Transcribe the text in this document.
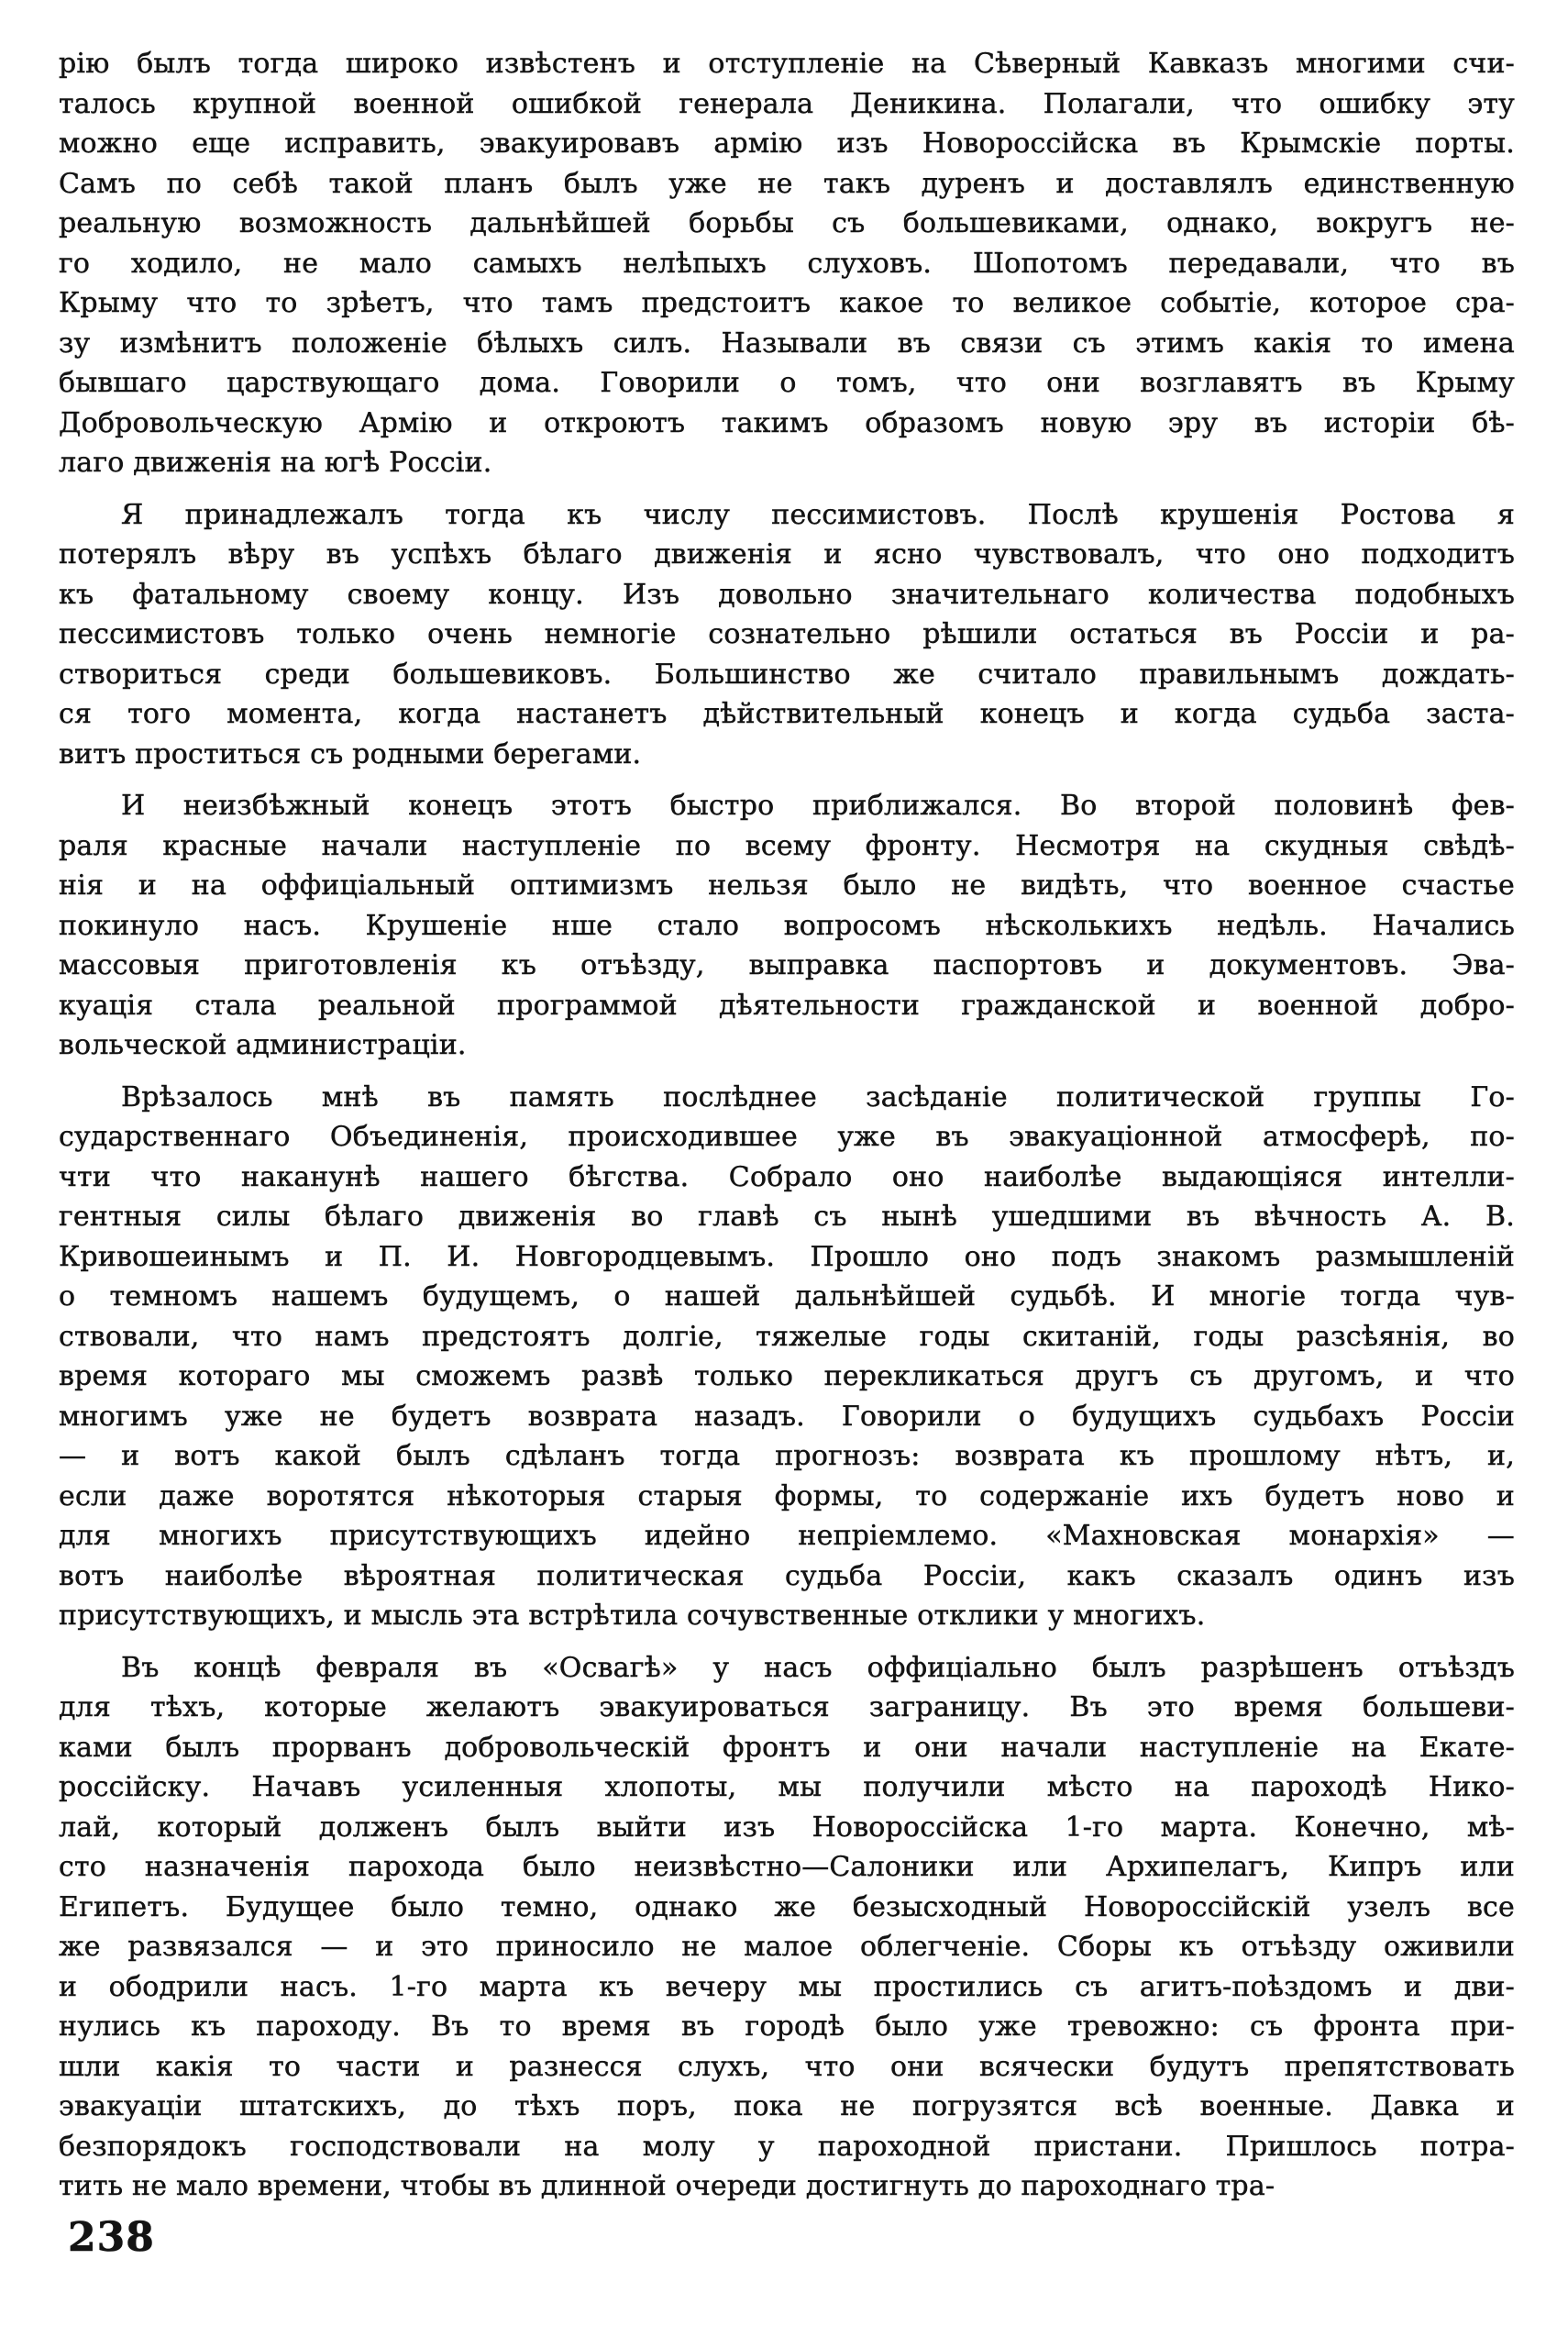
рію былъ тогда широко извѣстенъ и отступленіе на Сѣверный Кавказъ многими счи-
талось крупной военной ошибкой генерала Деникина. Полагали, что ошибку эту
можно еще исправить, эвакуировавъ армію изъ Новороссійска въ Крымскіе порты.
Самъ по себѣ такой планъ былъ уже не такъ дуренъ и доставлялъ единственную
реальную возможность дальнѣйшей борьбы съ большевиками, однако, вокругъ не-
го ходило, не мало самыхъ нелѣпыхъ слуховъ. Шопотомъ передавали, что въ
Крыму что то зрѣетъ, что тамъ предстоитъ какое то великое событіе, которое сра-
зу измѣнитъ положеніе бѣлыхъ силъ. Называли въ связи съ этимъ какія то имена
бывшаго царствующаго дома. Говорили о томъ, что они возглавятъ въ Крыму
Добровольческую Армію и откроютъ такимъ образомъ новую эру въ исторіи бѣ-
лаго движенія на югѣ Россіи.

Я принадлежалъ тогда къ числу пессимистовъ. Послѣ крушенія Ростова я
потерялъ вѣру въ успѣхъ бѣлаго движенія и ясно чувствовалъ, что оно подходитъ
къ фатальному своему концу. Изъ довольно значительнаго количества подобныхъ
пессимистовъ только очень немногіе сознательно рѣшили остаться въ Россіи и ра-
створиться среди большевиковъ. Большинство же считало правильнымъ дождать-
ся того момента, когда настанетъ дѣйствительный конецъ и когда судьба заста-
витъ проститься съ родными берегами.

И неизбѣжный конецъ этотъ быстро приближался. Во второй половинѣ фев-
раля красные начали наступленіе по всему фронту. Несмотря на скудныя свѣдѣ-
нія и на оффиціальный оптимизмъ нельзя было не видѣть, что военное счастье
покинуло насъ. Крушеніе нше стало вопросомъ нѣсколькихъ недѣль. Начались
массовыя приготовленія къ отъѣзду, выправка паспортовъ и документовъ. Эва-
куація стала реальной программой дѣятельности гражданской и военной добро-
вольческой администраціи.

Врѣзалось мнѣ въ память послѣднее засѣданіе политической группы Го-
сударственнаго Объединенія, происходившее уже въ эвакуаціонной атмосферѣ, по-
чти что наканунѣ нашего бѣгства. Собрало оно наиболѣе выдающіяся интелли-
гентныя силы бѣлаго движенія во главѣ съ нынѣ ушедшими въ вѣчность А. В.
Кривошеинымъ и П. И. Новгородцевымъ. Прошло оно подъ знакомъ размышленій
о темномъ нашемъ будущемъ, о нашей дальнѣйшей судьбѣ. И многіе тогда чув-
ствовали, что намъ предстоятъ долгіе, тяжелые годы скитаній, годы разсѣянія, во
время котораго мы сможемъ развѣ только перекликаться другъ съ другомъ, и что
многимъ уже не будетъ возврата назадъ. Говорили о будущихъ судьбахъ Россіи
— и вотъ какой былъ сдѣланъ тогда прогнозъ: возврата къ прошлому нѣтъ, и,
если даже воротятся нѣкоторыя старыя формы, то содержаніе ихъ будетъ ново и
для многихъ присутствующихъ идейно непріемлемо. «Махновская монархія» —
вотъ наиболѣе вѣроятная политическая судьба Россіи, какъ сказалъ одинъ изъ
присутствующихъ, и мысль эта встрѣтила сочувственные отклики у многихъ.

Въ концѣ февраля въ «Освагѣ» у насъ оффиціально былъ разрѣшенъ отъѣздъ
для тѣхъ, которые желаютъ эвакуироваться заграницу. Въ это время большеви-
ками былъ прорванъ добровольческій фронтъ и они начали наступленіе на Екате-
россійску. Начавъ усиленныя хлопоты, мы получили мѣсто на пароходѣ Нико-
лай, который долженъ былъ выйти изъ Новороссійска 1-го марта. Конечно, мѣ-
сто назначенія парохода было неизвѣстно—Салоники или Архипелагъ, Кипръ или
Египетъ. Будущее было темно, однако же безысходный Новороссійскій узелъ все
же развязался — и это приносило не малое облегченіе. Сборы къ отъѣзду оживили
и ободрили насъ. 1-го марта къ вечеру мы простились съ агитъ-поѣздомъ и дви-
нулись къ пароходу. Въ то время въ городѣ было уже тревожно: съ фронта при-
шли какія то части и разнесся слухъ, что они всячески будутъ препятствовать
эвакуаціи штатскихъ, до тѣхъ поръ, пока не погрузятся всѣ военные. Давка и
безпорядокъ господствовали на молу у пароходной пристани. Пришлось потра-
тить не мало времени, чтобы въ длинной очереди достигнуть до пароходнаго тра-

238
